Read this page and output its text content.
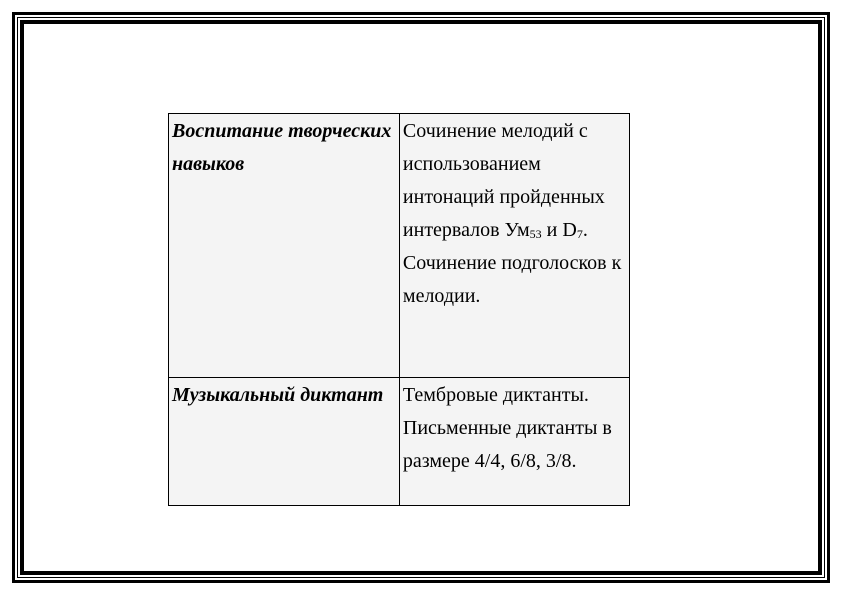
Воспитание творческих навыков	Сочинение мелодий с использованием интонаций пройденных интервалов $Ум_{53}$ и $D_7$. Сочинение подголосков к мелодии.
Музыкальный диктант	Тембровые диктанты. Письменные диктанты в размере 4/4, 6/8, 3/8.
